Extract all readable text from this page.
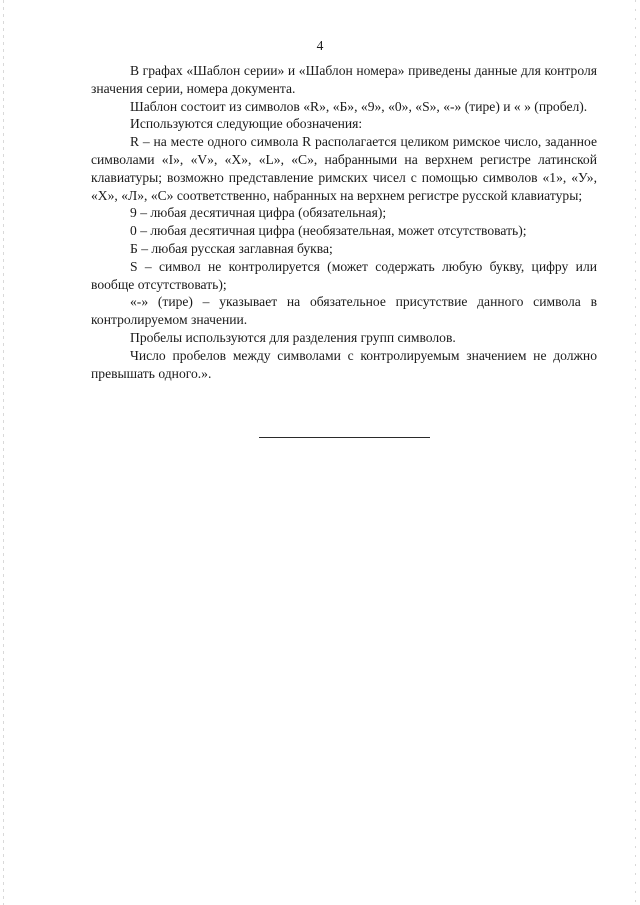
4

В графах «Шаблон серии» и «Шаблон номера» приведены данные для контроля значения серии, номера документа.

Шаблон состоит из символов «R», «Б», «9», «0», «S», «-» (тире) и « » (пробел).

Используются следующие обозначения:

R – на месте одного символа R располагается целиком римское число, заданное символами «I», «V», «X», «L», «С», набранными на верхнем регистре латинской клавиатуры; возможно представление римских чисел с помощью символов «1», «У», «Х», «Л», «С» соответственно, набранных на верхнем регистре русской клавиатуры;

9 – любая десятичная цифра (обязательная);

0 – любая десятичная цифра (необязательная, может отсутствовать);

Б – любая русская заглавная буква;

S – символ не контролируется (может содержать любую букву, цифру или вообще отсутствовать);

«-» (тире) – указывает на обязательное присутствие данного символа в контролируемом значении.

Пробелы используются для разделения групп символов.

Число пробелов между символами с контролируемым значением не должно превышать одного.».
